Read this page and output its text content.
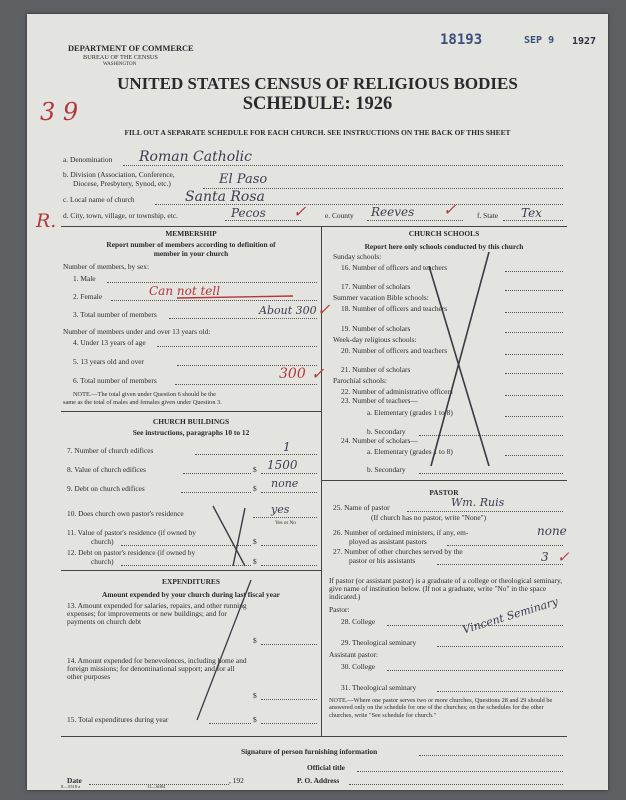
DEPARTMENT OF COMMERCE
BUREAU OF THE CENSUS
WASHINGTON
18193	SEP 9 1927
UNITED STATES CENSUS OF RELIGIOUS BODIES
SCHEDULE: 1926
FILL OUT A SEPARATE SCHEDULE FOR EACH CHURCH. SEE INSTRUCTIONS ON THE BACK OF THIS SHEET
3 9
R.
a. Denomination Roman Catholic
b. Division (Association, Conference,
Diocese, Presbytery, Synod, etc.)	El Paso
c. Local name of church	Santa Rosa
d. City, town, village, or township, etc.	Pecos ✓	e. County Reeves ✓	f. State Tex
MEMBERSHIP
Report number of members according to definition of
member in your church
Number of members, by sex:
1. Male
2. Female	Can not tell
3. Total number of members	About 300 ✓
Number of members under and over 13 years old:
4. Under 13 years of age
5. 13 years old and over
6. Total number of members	300 ✓
NOTE.—The total given under Question 6 should be the
same as the total of males and females given under Question 3.
CHURCH BUILDINGS
See instructions, paragraphs 10 to 12
7. Number of church edifices	1
8. Value of church edifices	$ 1500
9. Debt on church edifices	$ none
10. Does church own pastor's residence	yes
Yes or No
11. Value of pastor's residence (if owned by
church)	$
12. Debt on pastor's residence (if owned by
church)	$
EXPENDITURES
Amount expended by your church during last fiscal year
13. Amount expended for salaries, repairs, and other running expenses; for improvements or new buildings; and for payments on church debt
$
14. Amount expended for benevolences, including home and foreign missions; for denominational support; and for all other purposes
$
15. Total expenditures during year	$
CHURCH SCHOOLS
Report here only schools conducted by this church
Sunday schools:
16. Number of officers and teachers
17. Number of scholars
Summer vacation Bible schools:
18. Number of officers and teachers
19. Number of scholars
Week-day religious schools:
20. Number of officers and teachers
21. Number of scholars
Parochial schools:
22. Number of administrative officers
23. Number of teachers—
a. Elementary (grades 1 to 8)
b. Secondary
24. Number of scholars—
a. Elementary (grades 1 to 8)
b. Secondary
PASTOR
25. Name of pastor	Wm. Ruis
(If church has no pastor, write "None")
26. Number of ordained ministers, if any, em-
ployed as assistant pastors
none
27. Number of other churches served by the
pastor or his assistants	3 ✓
If pastor (or assistant pastor) is a graduate of a college or theological seminary, give name of institution below. (If not a graduate, write "No" in the space indicated.)
Pastor:
28. College
29. Theological seminary
Vincent Seminary
Assistant pastor:
30. College
31. Theological seminary
NOTE.—Where one pastor serves two or more churches, Questions 28 and 29 should be answered only on the schedule for one of the churches; on the schedules for the other churches, write "See schedule for church."
Signature of person furnishing information
Official title
Date	, 192	P. O. Address
8—5518 a	11—6084
